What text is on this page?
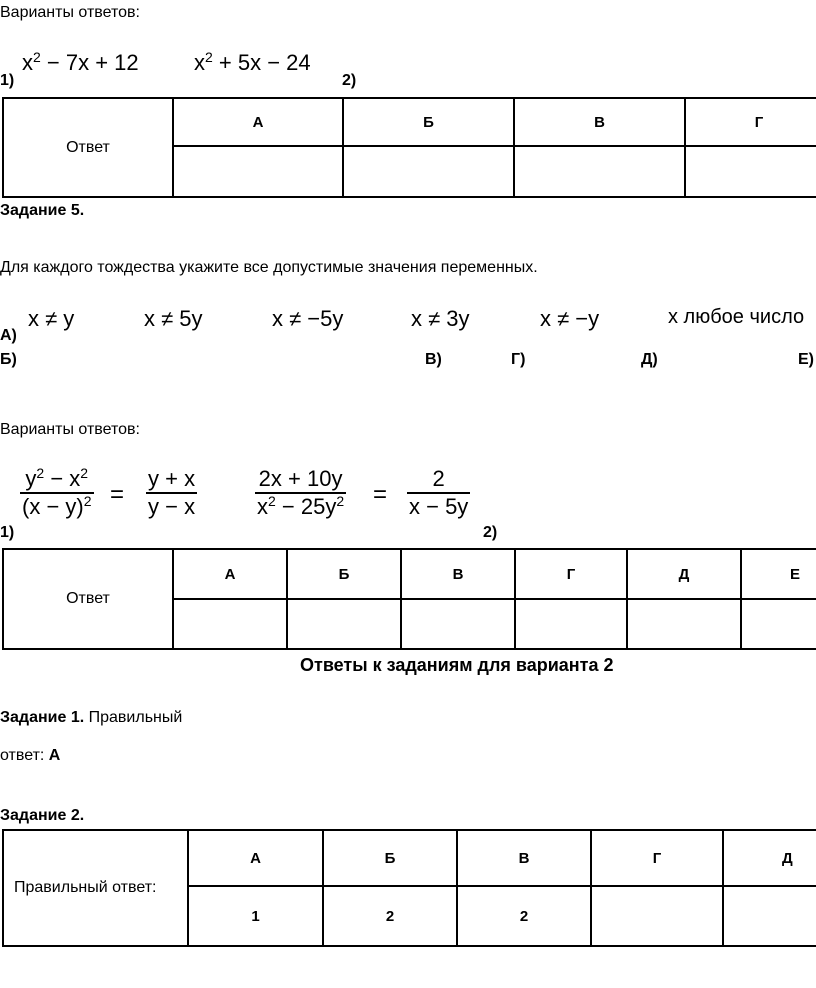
Варианты ответов:
$x^2 - 7x + 12$	$x^2 + 5x - 24$
1)	2)
Ответ	А	Б	В	Г

Задание 5.
Для каждого тождества укажите все допустимые значения переменных.
x ≠ y	x ≠ 5y	x ≠ −5y	x ≠ 3y	x ≠ −y	x любое число
А)
Б)	В)	Г)	Д)	Е)
Варианты ответов:
$\frac{y^2 - x^2}{(x - y)^2} = \frac{y + x}{y - x}$	$\frac{2x + 10y}{x^2 - 25y^2} = \frac{2}{x - 5y}$
1)	2)
Ответ	А	Б	В	Г	Д	Е

Ответы к заданиям для варианта 2
Задание 1. Правильный
ответ: А
Задание 2.
Правильный ответ:	А	Б	В	Г	Д
	1	2	2		
